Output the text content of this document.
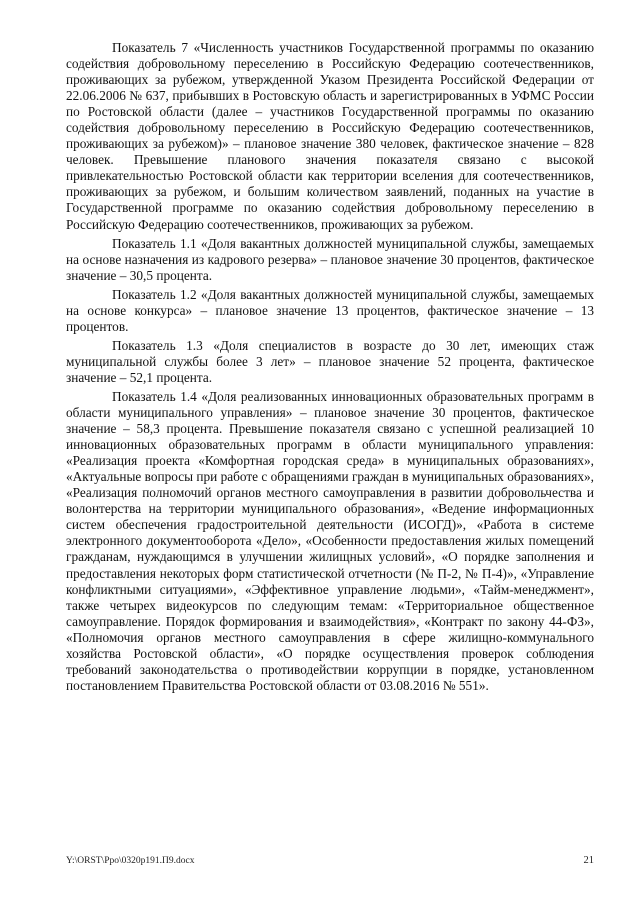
Показатель 7 «Численность участников Государственной программы по оказанию содействия добровольному переселению в Российскую Федерацию соотечественников, проживающих за рубежом, утвержденной Указом Президента Российской Федерации от 22.06.2006 № 637, прибывших в Ростовскую область и зарегистрированных в УФМС России по Ростовской области (далее – участников Государственной программы по оказанию содействия добровольному переселению в Российскую Федерацию соотечественников, проживающих за рубежом)» – плановое значение 380 человек, фактическое значение – 828 человек. Превышение планового значения показателя связано с высокой привлекательностью Ростовской области как территории вселения для соотечественников, проживающих за рубежом, и большим количеством заявлений, поданных на участие в Государственной программе по оказанию содействия добровольному переселению в Российскую Федерацию соотечественников, проживающих за рубежом.

Показатель 1.1 «Доля вакантных должностей муниципальной службы, замещаемых на основе назначения из кадрового резерва» – плановое значение 30 процентов, фактическое значение – 30,5 процента.

Показатель 1.2 «Доля вакантных должностей муниципальной службы, замещаемых на основе конкурса» – плановое значение 13 процентов, фактическое значение – 13 процентов.

Показатель 1.3 «Доля специалистов в возрасте до 30 лет, имеющих стаж муниципальной службы более 3 лет» – плановое значение 52 процента, фактическое значение – 52,1 процента.

Показатель 1.4 «Доля реализованных инновационных образовательных программ в области муниципального управления» – плановое значение 30 процентов, фактическое значение – 58,3 процента. Превышение показателя связано с успешной реализацией 10 инновационных образовательных программ в области муниципального управления: «Реализация проекта «Комфортная городская среда» в муниципальных образованиях», «Актуальные вопросы при работе с обращениями граждан в муниципальных образованиях», «Реализация полномочий органов местного самоуправления в развитии добровольчества и волонтерства на территории муниципального образования», «Ведение информационных систем обеспечения градостроительной деятельности (ИСОГД)», «Работа в системе электронного документооборота «Дело», «Особенности предоставления жилых помещений гражданам, нуждающимся в улучшении жилищных условий», «О порядке заполнения и предоставления некоторых форм статистической отчетности (№ П-2, № П-4)», «Управление конфликтными ситуациями», «Эффективное управление людьми», «Тайм-менеджмент», также четырех видеокурсов по следующим темам: «Территориальное общественное самоуправление. Порядок формирования и взаимодействия», «Контракт по закону 44-ФЗ», «Полномочия органов местного самоуправления в сфере жилищно-коммунального хозяйства Ростовской области», «О порядке осуществления проверок соблюдения требований законодательства о противодействии коррупции в порядке, установленном постановлением Правительства Ростовской области от 03.08.2016 № 551».

Y:\ORST\Ppo\0320p191.П9.docx	21
